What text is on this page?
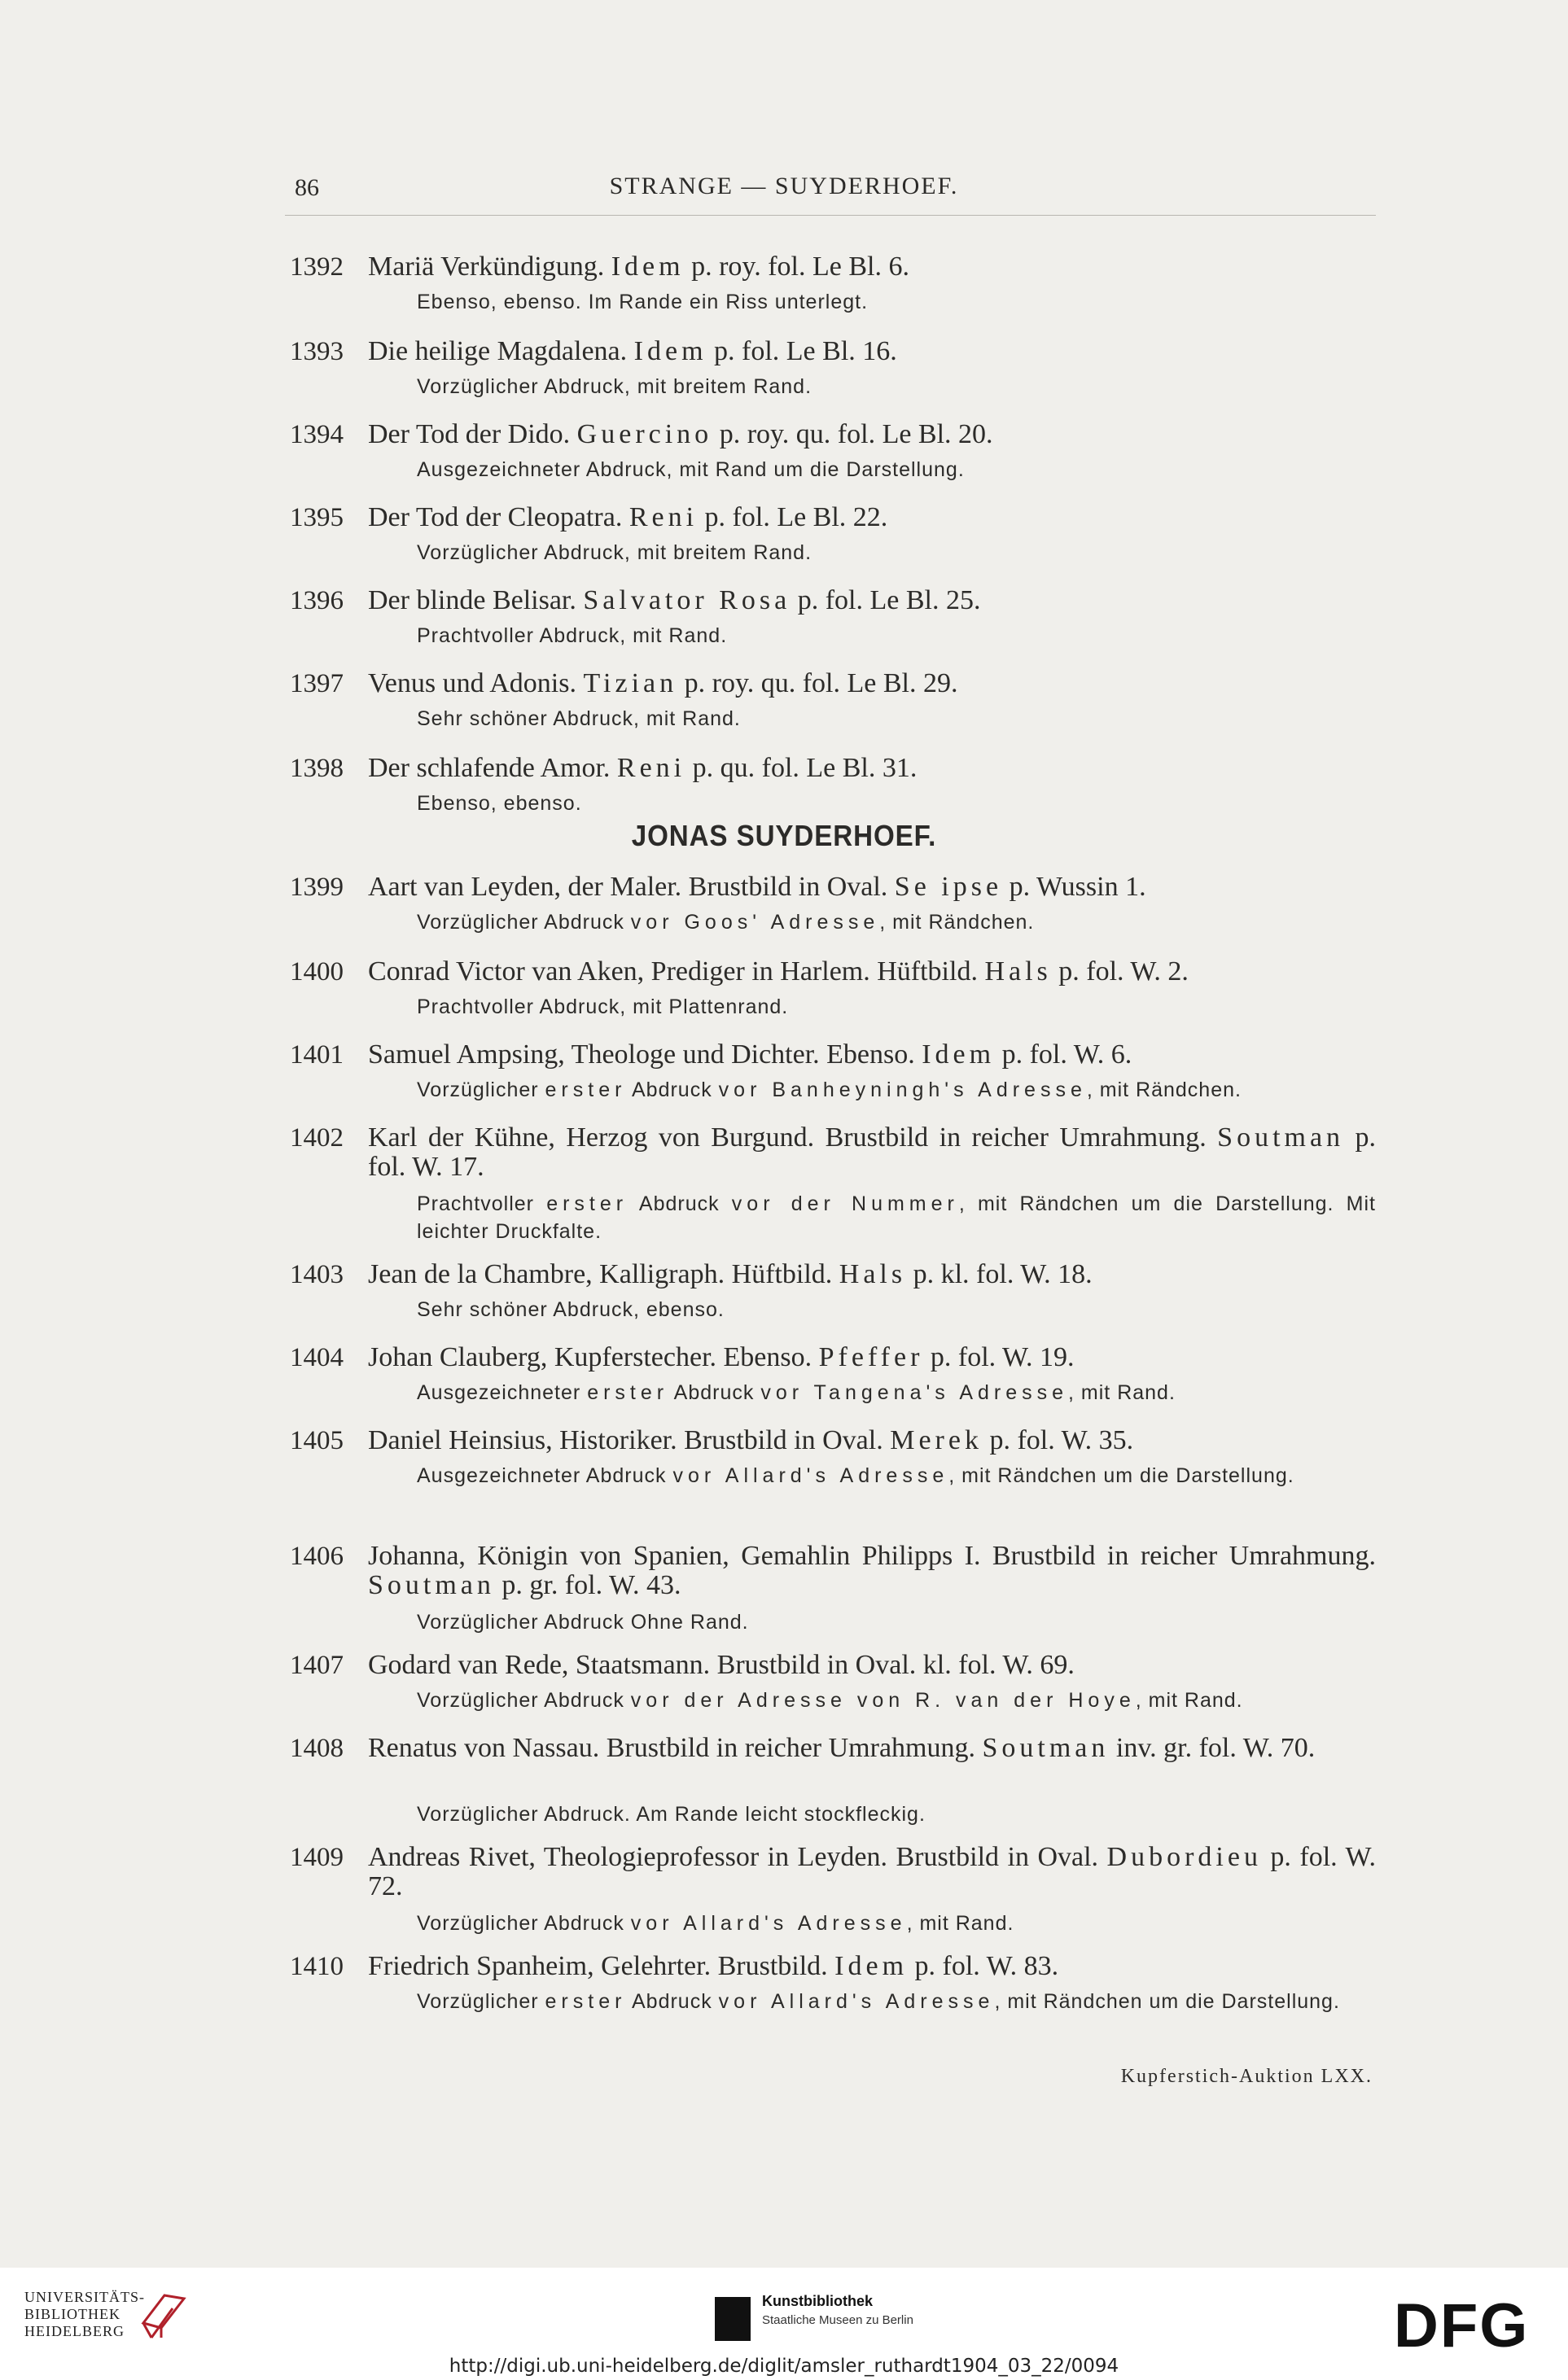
86	STRANGE — SUYDERHOEF.
1392 Mariä Verkündigung. Idem p. roy. fol. Le Bl. 6.
Ebenso, ebenso. Im Rande ein Riss unterlegt.
1393 Die heilige Magdalena. Idem p. fol. Le Bl. 16.
Vorzüglicher Abdruck, mit breitem Rand.
1394 Der Tod der Dido. Guercino p. roy. qu. fol. Le Bl. 20.
Ausgezeichneter Abdruck, mit Rand um die Darstellung.
1395 Der Tod der Cleopatra. Reni p. fol. Le Bl. 22.
Vorzüglicher Abdruck, mit breitem Rand.
1396 Der blinde Belisar. Salvator Rosa p. fol. Le Bl. 25.
Prachtvoller Abdruck, mit Rand.
1397 Venus und Adonis. Tizian p. roy. qu. fol. Le Bl. 29.
Sehr schöner Abdruck, mit Rand.
1398 Der schlafende Amor. Reni p. qu. fol. Le Bl. 31.
Ebenso, ebenso.
JONAS SUYDERHOEF.
1399 Aart van Leyden, der Maler. Brustbild in Oval. Se ipse p. Wussin 1.
Vorzüglicher Abdruck vor Goos' Adresse, mit Rändchen.
1400 Conrad Victor van Aken, Prediger in Harlem. Hüftbild. Hals p. fol. W. 2.
Prachtvoller Abdruck, mit Plattenrand.
1401 Samuel Ampsing, Theologe und Dichter. Ebenso. Idem p. fol. W. 6.
Vorzüglicher erster Abdruck vor Banheyningh's Adresse, mit Rändchen.
1402 Karl der Kühne, Herzog von Burgund. Brustbild in reicher Umrahmung. Soutman p. fol. W. 17.
Prachtvoller erster Abdruck vor der Nummer, mit Rändchen um die Darstellung. Mit leichter Druckfalte.
1403 Jean de la Chambre, Kalligraph. Hüftbild. Hals p. kl. fol. W. 18.
Sehr schöner Abdruck, ebenso.
1404 Johan Clauberg, Kupferstecher. Ebenso. Pfeffer p. fol. W. 19.
Ausgezeichneter erster Abdruck vor Tangena's Adresse, mit Rand.
1405 Daniel Heinsius, Historiker. Brustbild in Oval. Merek p. fol. W. 35.
Ausgezeichneter Abdruck vor Allard's Adresse, mit Rändchen um die Darstellung.
1406 Johanna, Königin von Spanien, Gemahlin Philipps I. Brustbild in reicher Umrahmung. Soutman p. gr. fol. W. 43.
Vorzüglicher Abdruck Ohne Rand.
1407 Godard van Rede, Staatsmann. Brustbild in Oval. kl. fol. W. 69.
Vorzüglicher Abdruck vor der Adresse von R. van der Hoye, mit Rand.
1408 Renatus von Nassau. Brustbild in reicher Umrahmung. Soutman inv. gr. fol. W. 70.
Vorzüglicher Abdruck. Am Rande leicht stockfleckig.
1409 Andreas Rivet, Theologieprofessor in Leyden. Brustbild in Oval. Dubordieu p. fol. W. 72.
Vorzüglicher Abdruck vor Allard's Adresse, mit Rand.
1410 Friedrich Spanheim, Gelehrter. Brustbild. Idem p. fol. W. 83.
Vorzüglicher erster Abdruck vor Allard's Adresse, mit Rändchen um die Darstellung.
Kupferstich-Auktion LXX.
UNIVERSITÄTS-
BIBLIOTHEK
HEIDELBERG
Kunstbibliothek
Staatliche Museen zu Berlin	DFG
http://digi.ub.uni-heidelberg.de/diglit/amsler_ruthardt1904_03_22/0094
